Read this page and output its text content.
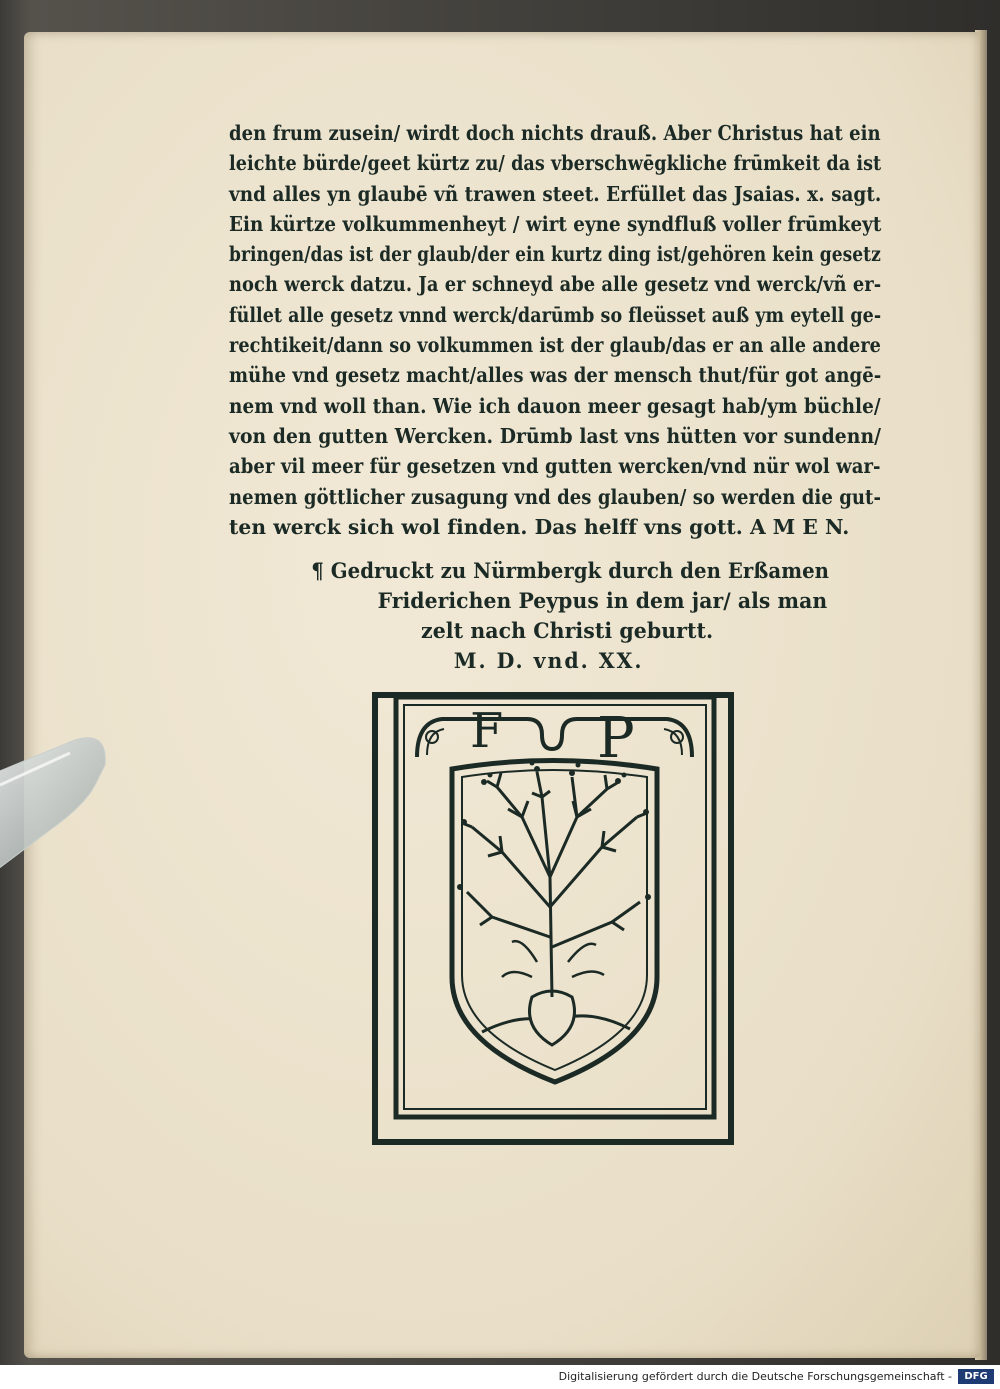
den frum zusein/ wirdt doch nichts drauß. Aber Christus hat ein
leichte bürde/geet kürtz zu/ das vberschwēgkliche frūmkeit da ist
vnd alles yn glaubē vñ trawen steet. Erfüllet das Jsaias. x. sagt.
Ein kürtze volkummenheyt / wirt eyne syndfluß voller frūmkeyt
bringen/das ist der glaub/der ein kurtz ding ist/gehören kein gesetz
noch werck datzu. Ja er schneyd abe alle gesetz vnd werck/vñ er-
füllet alle gesetz vnnd werck/darūmb so fleüsset auß ym eytell ge-
rechtikeit/dann so volkummen ist der glaub/das er an alle andere
mühe vnd gesetz macht/alles was der mensch thut/für got angē-
nem vnd woll than. Wie ich dauon meer gesagt hab/ym büchle/
von den gutten Wercken. Drūmb last vns hütten vor sundenn/
aber vil meer für gesetzen vnd gutten wercken/vnd nür wol war-
nemen göttlicher zusagung vnd des glauben/ so werden die gut-
ten werck sich wol finden. Das helff vns gott. A M E N.
¶ Gedruckt zu Nürmbergk durch den Erßamen
Friderichen Peypus in dem jar/ als man
zelt nach Christi geburtt.
M. D. vnd. XX.
F P
Digitalisierung gefördert durch die Deutsche Forschungsgemeinschaft -	DFG
